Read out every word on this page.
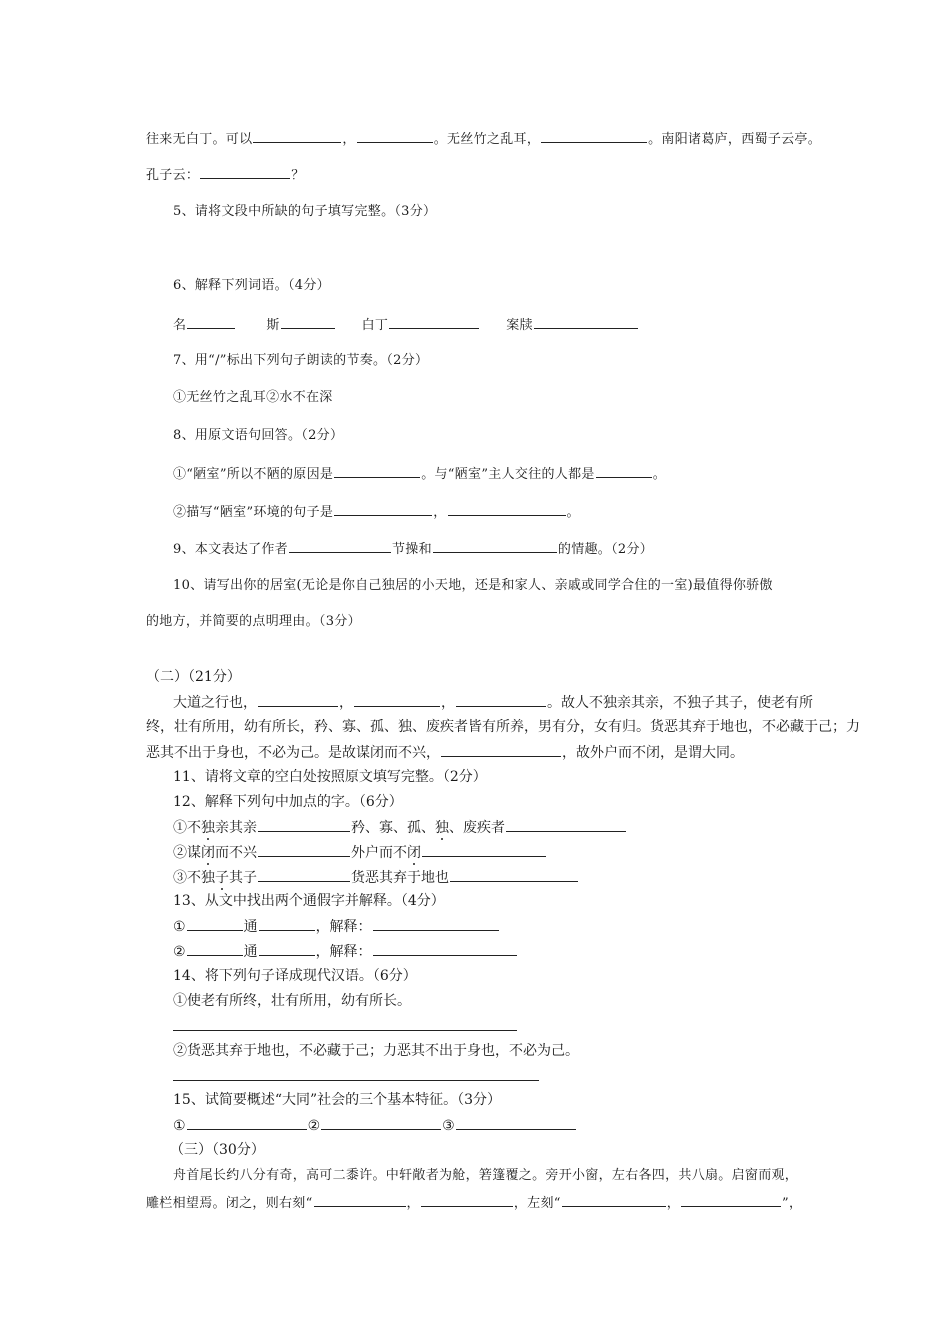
往来无白丁。可以	，	。无丝竹之乱耳，	。南阳诸葛庐，西蜀子云亭。
孔子云：	？
5、请将文段中所缺的句子填写完整。（3分）
6、解释下列词语。（4分）
名	斯	白丁	案牍
7、用“/”标出下列句子朗读的节奏。（2分）
①无丝竹之乱耳②水不在深
8、用原文语句回答。（2分）
①“陋室”所以不陋的原因是	。与“陋室”主人交往的人都是	。
②描写“陋室”环境的句子是	，	。
9、本文表达了作者	节操和	的情趣。（2分）
10、请写出你的居室(无论是你自己独居的小天地，还是和家人、亲戚或同学合住的一室)最值得你骄傲
的地方，并简要的点明理由。（3分）
（二）（21分）
大道之行也，	，	，	。故人不独亲其亲，不独子其子，使老有所
终，壮有所用，幼有所长，矜、寡、孤、独、废疾者皆有所养，男有分，女有归。货恶其弃于地也，不必藏于己；力
恶其不出于身也，不必为己。是故谋闭而不兴，	，故外户而不闭，是谓大同。
11、请将文章的空白处按照原文填写完整。（2分）
12、解释下列句中加点的字。（6分）
①不独亲其亲	矜、寡、孤、独、废疾者
②谋闭而不兴	外户而不闭
③不独子其子	货恶其弃于地也
13、从文中找出两个通假字并解释。（4分）
①	通	，解释：
②	通	，解释：
14、将下列句子译成现代汉语。（6分）
①使老有所终，壮有所用，幼有所长。
②货恶其弃于地也，不必藏于己；力恶其不出于身也，不必为己。
15、试简要概述“大同”社会的三个基本特征。（3分）
①	②	③
（三）（30分）
舟首尾长约八分有奇，高可二黍许。中轩敞者为舱，箬篷覆之。旁开小窗，左右各四，共八扇。启窗而观，
雕栏相望焉。闭之，则右刻“	，	，左刻“	，	”，
